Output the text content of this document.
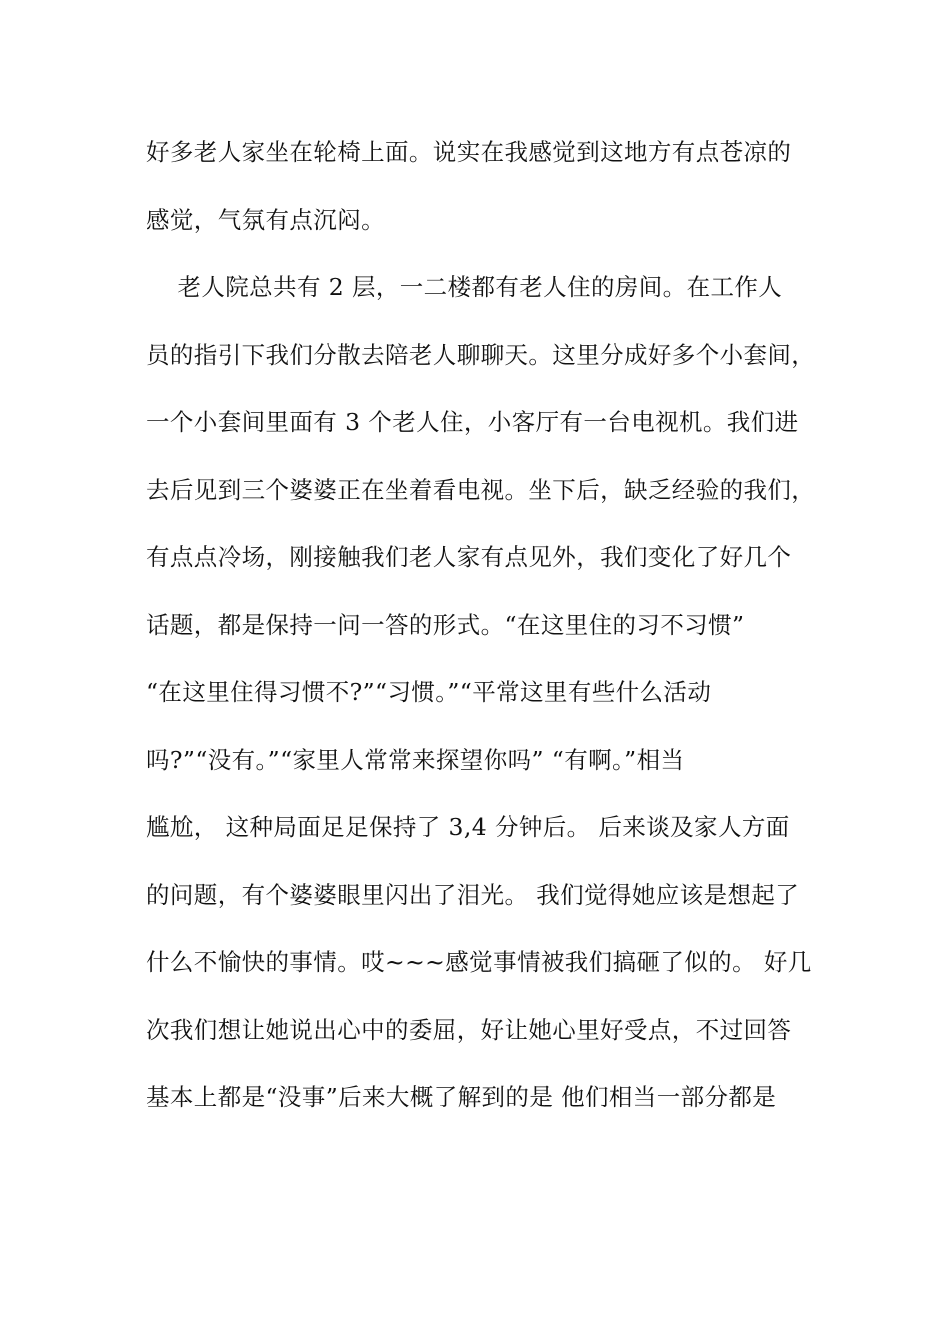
好多老人家坐在轮椅上面。说实在我感觉到这地方有点苍凉的
感觉，气氛有点沉闷。
老人院总共有 2 层，一二楼都有老人住的房间。在工作人
员的指引下我们分散去陪老人聊聊天。这里分成好多个小套间，
一个小套间里面有 3 个老人住，小客厅有一台电视机。我们进
去后见到三个婆婆正在坐着看电视。坐下后，缺乏经验的我们，
有点点冷场，刚接触我们老人家有点见外，我们变化了好几个
话题，都是保持一问一答的形式。“在这里住的习不习惯”
“在这里住得习惯不?”“习惯。”“平常这里有些什么活动
吗?”“没有。”“家里人常常来探望你吗” “有啊。”相当
尴尬， 这种局面足足保持了 3,4 分钟后。 后来谈及家人方面
的问题，有个婆婆眼里闪出了泪光。 我们觉得她应该是想起了
什么不愉快的事情。哎~~~感觉事情被我们搞砸了似的。 好几
次我们想让她说出心中的委屈，好让她心里好受点，不过回答
基本上都是“没事”后来大概了解到的是 他们相当一部分都是
